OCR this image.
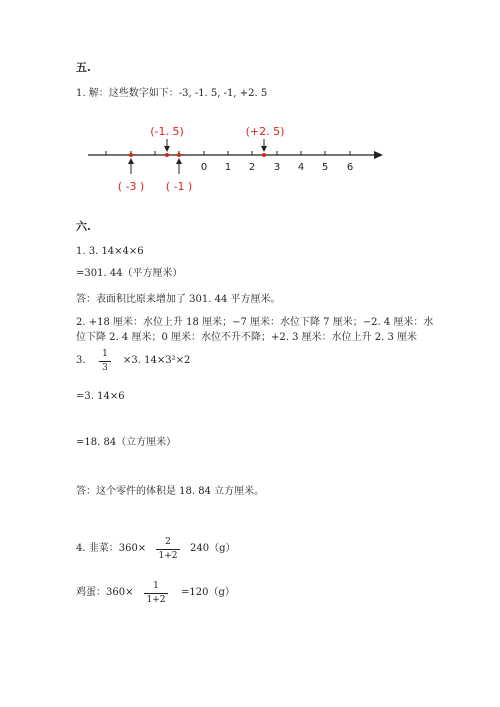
五.
1. 解：这些数字如下：-3, -1. 5, -1, +2. 5
0 1 2 3 4 5 6
(-1. 5)	(+2. 5)
( -3 ) ( -1 )
六.
1. 3. 14×4×6
=301. 44（平方厘米）
答：表面积比原来增加了 301. 44 平方厘米。
2. +18 厘米：水位上升 18 厘米；−7 厘米：水位下降 7 厘米；−2. 4 厘米：水
位下降 2. 4 厘米；0 厘米：水位不升不降；+2. 3 厘米：水位上升 2. 3 厘米
3.
1
3
×3. 14×3²×2
=3. 14×6
=18. 84（立方厘米）
答：这个零件的体积是 18. 84 立方厘米。
4. 韭菜：360×
2
1+2
240（g）
鸡蛋：360×
1
1+2
=120（g）
